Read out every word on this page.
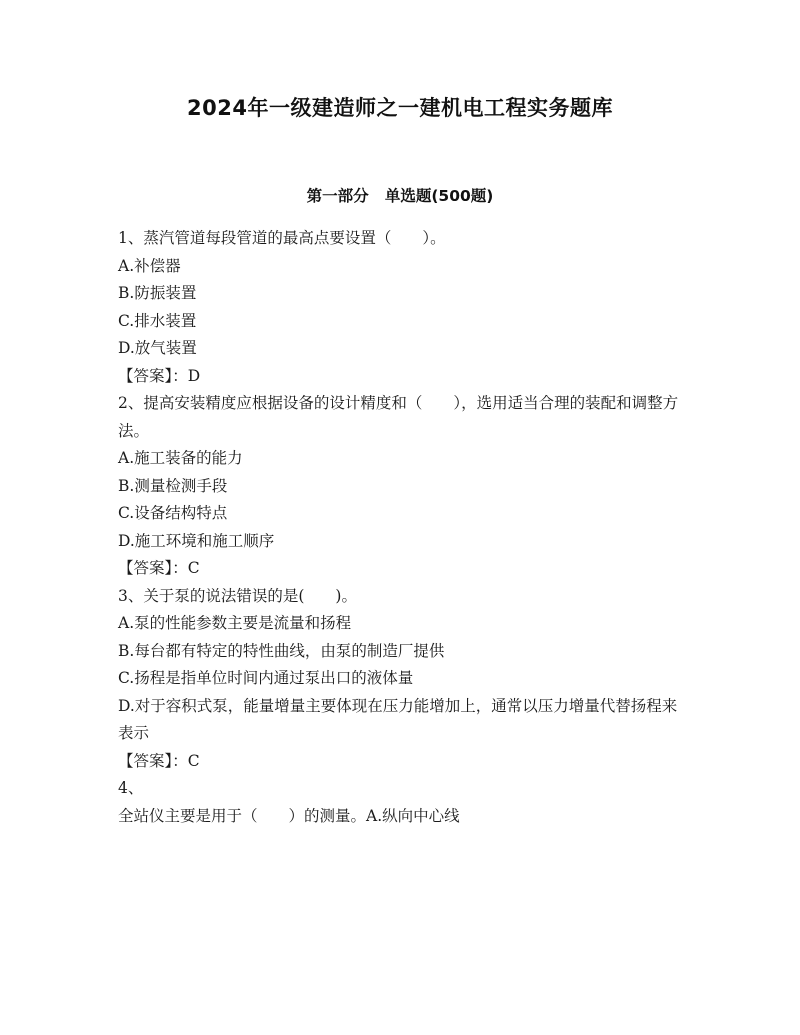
2024年一级建造师之一建机电工程实务题库
第一部分   单选题(500题)

1、蒸汽管道每段管道的最高点要设置（　　）。

A.补偿器

B.防振装置

C.排水装置

D.放气装置

【答案】：D

2、提高安装精度应根据设备的设计精度和（　　），选用适当合理的装配和调整方法。

A.施工装备的能力

B.测量检测手段

C.设备结构特点

D.施工环境和施工顺序

【答案】：C

3、关于泵的说法错误的是(　　)。

A.泵的性能参数主要是流量和扬程

B.每台都有特定的特性曲线，由泵的制造厂提供

C.扬程是指单位时间内通过泵出口的液体量

D.对于容积式泵，能量增量主要体现在压力能增加上，通常以压力增量代替扬程来表示

【答案】：C

4、

全站仪主要是用于（　　）的测量。A.纵向中心线
